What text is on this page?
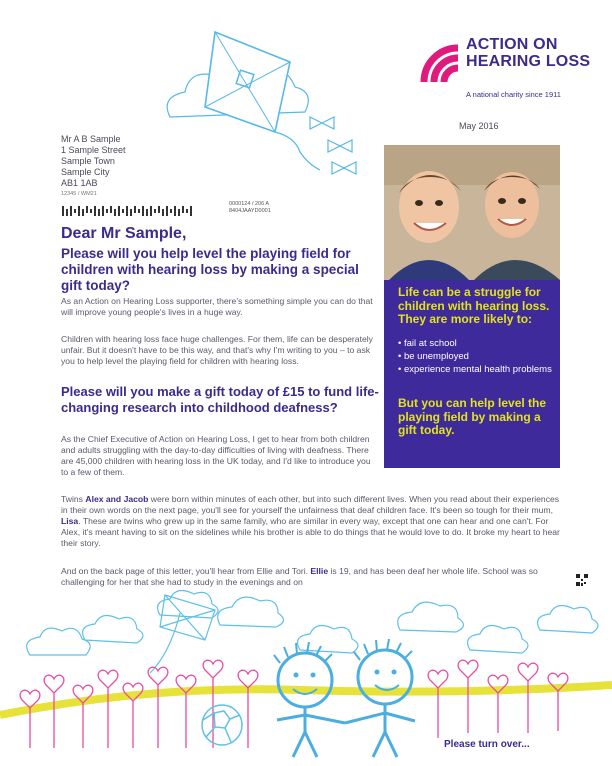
ACTION ON HEARING LOSS
A national charity since 1911
May 2016
Mr A B Sample
1 Sample Street
Sample Town
Sample City
AB1 1AB
12345 / WM21
0000124 / 206 A
8404JAAYD0001
Dear Mr Sample,
Please will you help level the playing field for children with hearing loss by making a special gift today?
As an Action on Hearing Loss supporter, there's something simple you can do that will improve young people's lives in a huge way.
Children with hearing loss face huge challenges. For them, life can be desperately unfair. But it doesn't have to be this way, and that's why I'm writing to you – to ask you to help level the playing field for children with hearing loss.
Please will you make a gift today of £15 to fund life-changing research into childhood deafness?
As the Chief Executive of Action on Hearing Loss, I get to hear from both children and adults struggling with the day-to-day difficulties of living with deafness. There are 45,000 children with hearing loss in the UK today, and I'd like to introduce you to a few of them.
Twins Alex and Jacob were born within minutes of each other, but into such different lives. When you read about their experiences in their own words on the next page, you'll see for yourself the unfairness that deaf children face. It's been so tough for their mum, Lisa. These are twins who grew up in the same family, who are similar in every way, except that one can hear and one can't. For Alex, it's meant having to sit on the sidelines while his brother is able to do things that he would love to do. It broke my heart to hear their story.
And on the back page of this letter, you'll hear from Ellie and Tori. Ellie is 19, and has been deaf her whole life. School was so challenging for her that she had to study in the evenings and on
Life can be a struggle for children with hearing loss. They are more likely to:
• fail at school
• be unemployed
• experience mental health problems
But you can help level the playing field by making a gift today.
Please turn over...
